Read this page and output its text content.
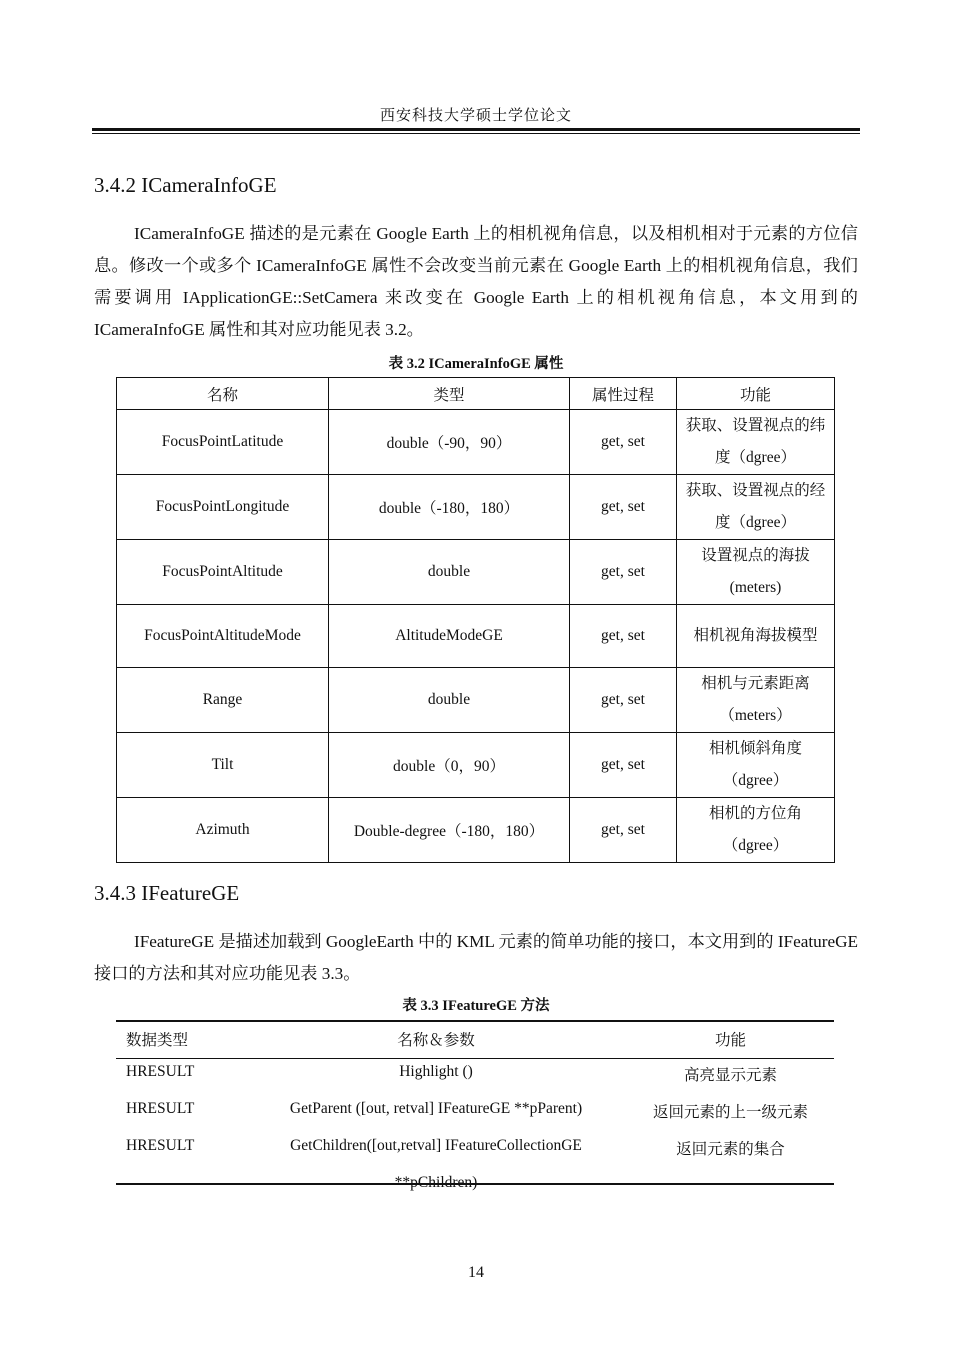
西安科技大学硕士学位论文
3.4.2 ICameraInfoGE
ICameraInfoGE 描述的是元素在 Google Earth 上的相机视角信息，以及相机相对于元素的方位信息。修改一个或多个 ICameraInfoGE 属性不会改变当前元素在 Google Earth 上的相机视角信息，我们需要调用 IApplicationGE::SetCamera 来改变在 Google Earth 上的相机视角信息，本文用到的 ICameraInfoGE 属性和其对应功能见表 3.2。
表 3.2 ICameraInfoGE 属性
名称	类型	属性过程	功能
FocusPointLatitude	double（-90，90）	get, set	获取、设置视点的纬度（dgree）
FocusPointLongitude	double（-180，180）	get, set	获取、设置视点的经度（dgree）
FocusPointAltitude	double	get, set	设置视点的海拔(meters)
FocusPointAltitudeMode	AltitudeModeGE	get, set	相机视角海拔模型
Range	double	get, set	相机与元素距离（meters）
Tilt	double（0，90）	get, set	相机倾斜角度（dgree）
Azimuth	Double-degree（-180，180）	get, set	相机的方位角（dgree）
3.4.3 IFeatureGE
IFeatureGE 是描述加载到 GoogleEarth 中的 KML 元素的简单功能的接口，本文用到的 IFeatureGE 接口的方法和其对应功能见表 3.3。
表 3.3 IFeatureGE 方法
数据类型	名称＆参数	功能
HRESULT	Highlight ()	高亮显示元素
HRESULT	GetParent ([out, retval] IFeatureGE **pParent)	返回元素的上一级元素
HRESULT	GetChildren([out,retval] IFeatureCollectionGE	返回元素的集合

14
